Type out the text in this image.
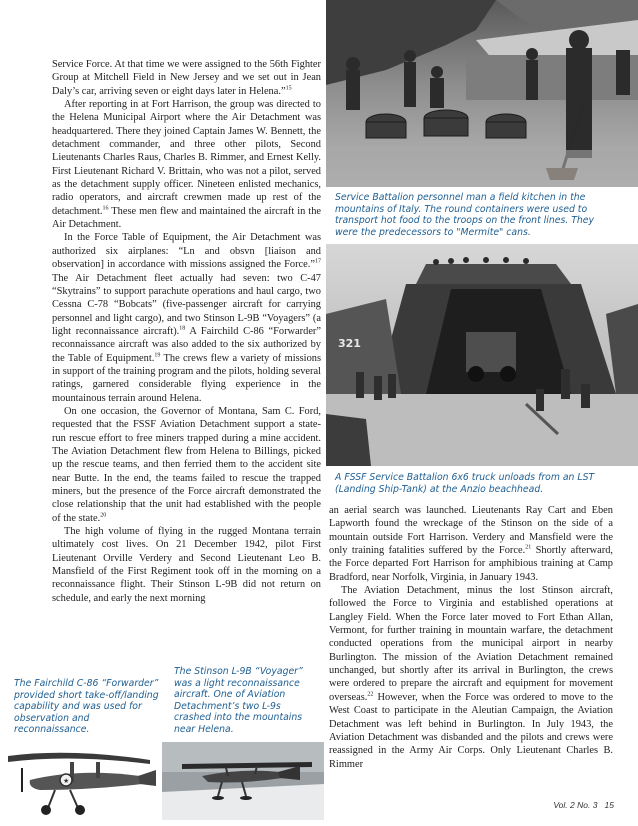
Service Force. At that time we were assigned to the 56th Fighter Group at Mitchell Field in New Jersey and we set out in Jean Daly’s car, arriving seven or eight days later in Helena.”$^{15}$

After reporting in at Fort Harrison, the group was directed to the Helena Municipal Airport where the Air Detachment was headquartered. There they joined Captain James W. Bennett, the detachment commander, and three other pilots, Second Lieutenants Charles Raus, Charles B. Rimmer, and Ernest Kelly. First Lieutenant Richard V. Brittain, who was not a pilot, served as the detachment supply officer. Nineteen enlisted mechanics, radio operators, and aircraft crewmen made up rest of the detachment.$^{16}$ These men flew and maintained the aircraft in the Air Detachment.

In the Force Table of Equipment, the Air Detachment was authorized six airplanes: “Ln and obsvn [liaison and observation] in accordance with missions assigned the Force.”$^{17}$ The Air Detachment fleet actually had seven: two C-47 “Skytrains” to support parachute operations and haul cargo, two Cessna C-78 “Bobcats” (five-passenger aircraft for carrying personnel and light cargo), and two Stinson L-9B “Voyagers” (a light reconnaissance aircraft).$^{18}$ A Fairchild C-86 “Forwarder” reconnaissance aircraft was also added to the six authorized by the Table of Equipment.$^{19}$ The crews flew a variety of missions in support of the training program and the pilots, holding several ratings, garnered considerable flying experience in the mountainous terrain around Helena.

On one occasion, the Governor of Montana, Sam C. Ford, requested that the FSSF Aviation Detachment support a state-run rescue effort to free miners trapped during a mine accident. The Aviation Detachment flew from Helena to Billings, picked up the rescue teams, and then ferried them to the accident site near Butte. In the end, the teams failed to rescue the trapped miners, but the presence of the Force aircraft demonstrated the close relationship that the unit had established with the people of the state.$^{20}$

The high volume of flying in the rugged Montana terrain ultimately cost lives. On 21 December 1942, pilot First Lieutenant Orville Verdery and Second Lieutenant Leo B. Mansfield of the First Regiment took off in the morning on a reconnaissance flight. Their Stinson L-9B did not return on schedule, and early the next morning

an aerial search was launched. Lieutenants Ray Cart and Eben Lapworth found the wreckage of the Stinson on the side of a mountain outside Fort Harrison. Verdery and Mansfield were the only training fatalities suffered by the Force.$^{21}$ Shortly afterward, the Force departed Fort Harrison for amphibious training at Camp Bradford, near Norfolk, Virginia, in January 1943.

The Aviation Detachment, minus the lost Stinson aircraft, followed the Force to Virginia and established operations at Langley Field. When the Force later moved to Fort Ethan Allan, Vermont, for further training in mountain warfare, the detachment conducted operations from the municipal airport in nearby Burlington. The mission of the Aviation Detachment remained unchanged, but shortly after its arrival in Burlington, the crews were ordered to prepare the aircraft and equipment for movement overseas.$^{22}$ However, when the Force was ordered to move to the West Coast to participate in the Aleutian Campaign, the Aviation Detachment was left behind in Burlington. In July 1943, the Aviation Detachment was disbanded and the pilots and crews were reassigned in the Army Air Corps. Only Lieutenant Charles B. Rimmer

Service Battalion personnel man a field kitchen in the mountains of Italy. The round containers were used to transport hot food to the troops on the front lines. They were the predecessors to "Mermite" cans.
321
A FSSF Service Battalion 6x6 truck unloads from an LST (Landing Ship-Tank) at the Anzio beachhead.
The Fairchild C-86 “Forwarder” provided short take-off/landing capability and was used for observation and reconnaissance.
The Stinson L-9B “Voyager” was a light reconnaissance aircraft. One of Aviation Detachment’s two L-9s crashed into the mountains near Helena.
★
Vol. 2 No. 3 15
